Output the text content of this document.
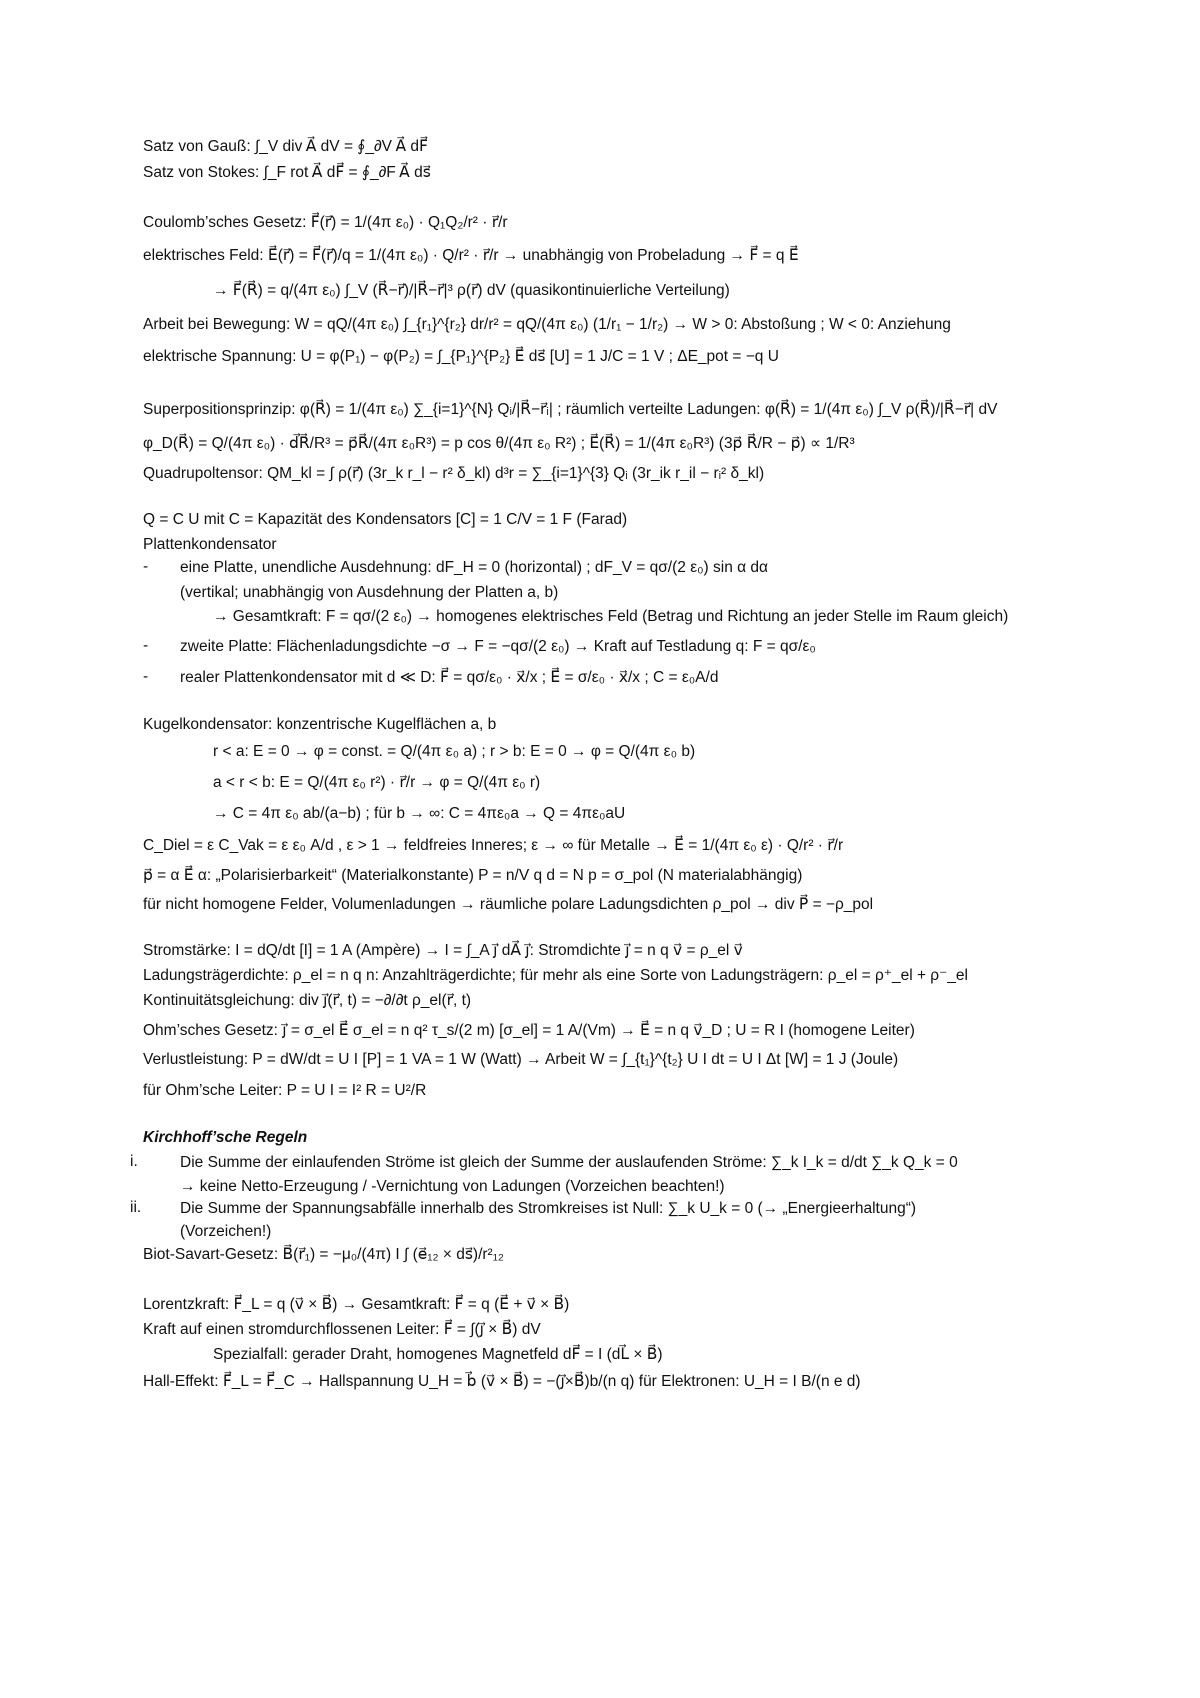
Satz von Gauß: ∫_V div A⃗ dV = ∮_∂V A⃗ dF⃗
Satz von Stokes: ∫_F rot A⃗ dF⃗ = ∮_∂F A⃗ ds⃗
Coulomb’sches Gesetz: F⃗(r⃗) = 1/(4π ε₀) · Q₁Q₂/r² · r⃗/r
elektrisches Feld: E⃗(r⃗) = F⃗(r⃗)/q = 1/(4π ε₀) · Q/r² · r⃗/r → unabhängig von Probeladung → F⃗ = q E⃗
→ F⃗(R⃗) = q/(4π ε₀) ∫_V (R⃗−r⃗)/|R⃗−r⃗|³ ρ(r⃗) dV (quasikontinuierliche Verteilung)
Arbeit bei Bewegung: W = qQ/(4π ε₀) ∫_{r₁}^{r₂} dr/r² = qQ/(4π ε₀) (1/r₁ − 1/r₂) → W > 0: Abstoßung ; W < 0: Anziehung
elektrische Spannung: U = φ(P₁) − φ(P₂) = ∫_{P₁}^{P₂} E⃗ ds⃗ [U] = 1 J/C = 1 V ; ΔE_pot = −q U
Superpositionsprinzip: φ(R⃗) = 1/(4π ε₀) ∑_{i=1}^{N} Qᵢ/|R⃗−r⃗ᵢ| ; räumlich verteilte Ladungen: φ(R⃗) = 1/(4π ε₀) ∫_V ρ(R⃗)/|R⃗−r⃗| dV
φ_D(R⃗) = Q/(4π ε₀) · d⃗R⃗/R³ = p⃗R⃗/(4π ε₀R³) = p cos θ/(4π ε₀ R²) ; E⃗(R⃗) = 1/(4π ε₀R³) (3p⃗ R⃗/R − p⃗) ∝ 1/R³
Quadrupoltensor: QM_kl = ∫ ρ(r⃗) (3r_k r_l − r² δ_kl) d³r = ∑_{i=1}^{3} Qᵢ (3r_ik r_il − rᵢ² δ_kl)
Q = C U mit C = Kapazität des Kondensators [C] = 1 C/V = 1 F (Farad)
Plattenkondensator
- eine Platte, unendliche Ausdehnung: dF_H = 0 (horizontal) ; dF_V = qσ/(2 ε₀) sin α dα
(vertikal; unabhängig von Ausdehnung der Platten a, b)
→ Gesamtkraft: F = qσ/(2 ε₀) → homogenes elektrisches Feld (Betrag und Richtung an jeder Stelle im Raum gleich)
- zweite Platte: Flächenladungsdichte −σ → F = −qσ/(2 ε₀) → Kraft auf Testladung q: F = qσ/ε₀
- realer Plattenkondensator mit d ≪ D: F⃗ = qσ/ε₀ · x⃗/x ; E⃗ = σ/ε₀ · x⃗/x ; C = ε₀A/d
Kugelkondensator: konzentrische Kugelflächen a, b
r < a: E = 0 → φ = const. = Q/(4π ε₀ a) ; r > b: E = 0 → φ = Q/(4π ε₀ b)
a < r < b: E = Q/(4π ε₀ r²) · r⃗/r → φ = Q/(4π ε₀ r)
→ C = 4π ε₀ ab/(a−b) ; für b → ∞: C = 4πε₀a → Q = 4πε₀aU
C_Diel = ε C_Vak = ε ε₀ A/d , ε > 1 → feldfreies Inneres; ε → ∞ für Metalle → E⃗ = 1/(4π ε₀ ε) · Q/r² · r⃗/r
p⃗ = α E⃗ α: „Polarisierbarkeit“ (Materialkonstante) P = n/V q d = N p = σ_pol (N materialabhängig)
für nicht homogene Felder, Volumenladungen → räumliche polare Ladungsdichten ρ_pol → div P⃗ = −ρ_pol
Stromstärke: I = dQ/dt [I] = 1 A (Ampère) → I = ∫_A j⃗ dA⃗ j⃗: Stromdichte j⃗ = n q v⃗ = ρ_el v⃗
Ladungsträgerdichte: ρ_el = n q n: Anzahlträgerdichte; für mehr als eine Sorte von Ladungsträgern: ρ_el = ρ⁺_el + ρ⁻_el
Kontinuitätsgleichung: div j⃗(r⃗, t) = −∂/∂t ρ_el(r⃗, t)
Ohm’sches Gesetz: j⃗ = σ_el E⃗ σ_el = n q² τ_s/(2 m) [σ_el] = 1 A/(Vm) → E⃗ = n q v⃗_D ; U = R I (homogene Leiter)
Verlustleistung: P = dW/dt = U I [P] = 1 VA = 1 W (Watt) → Arbeit W = ∫_{t₁}^{t₂} U I dt = U I Δt [W] = 1 J (Joule)
für Ohm’sche Leiter: P = U I = I² R = U²/R
Kirchhoff’sche Regeln
i.	Die Summe der einlaufenden Ströme ist gleich der Summe der auslaufenden Ströme: ∑_k I_k = d/dt ∑_k Q_k = 0
→ keine Netto-Erzeugung / -Vernichtung von Ladungen (Vorzeichen beachten!)
ii.	Die Summe der Spannungsabfälle innerhalb des Stromkreises ist Null: ∑_k U_k = 0 (→ „Energieerhaltung“)
(Vorzeichen!)
Biot-Savart-Gesetz: B⃗(r⃗₁) = −μ₀/(4π) I ∫ (e⃗₁₂ × ds⃗)/r²₁₂
Lorentzkraft: F⃗_L = q (v⃗ × B⃗) → Gesamtkraft: F⃗ = q (E⃗ + v⃗ × B⃗)
Kraft auf einen stromdurchflossenen Leiter: F⃗ = ∫(j⃗ × B⃗) dV
Spezialfall: gerader Draht, homogenes Magnetfeld dF⃗ = I (dL⃗ × B⃗)
Hall-Effekt: F⃗_L = F⃗_C → Hallspannung U_H = b⃗ (v⃗ × B⃗) = −(j⃗×B⃗)b/(n q) für Elektronen: U_H = I B/(n e d)
